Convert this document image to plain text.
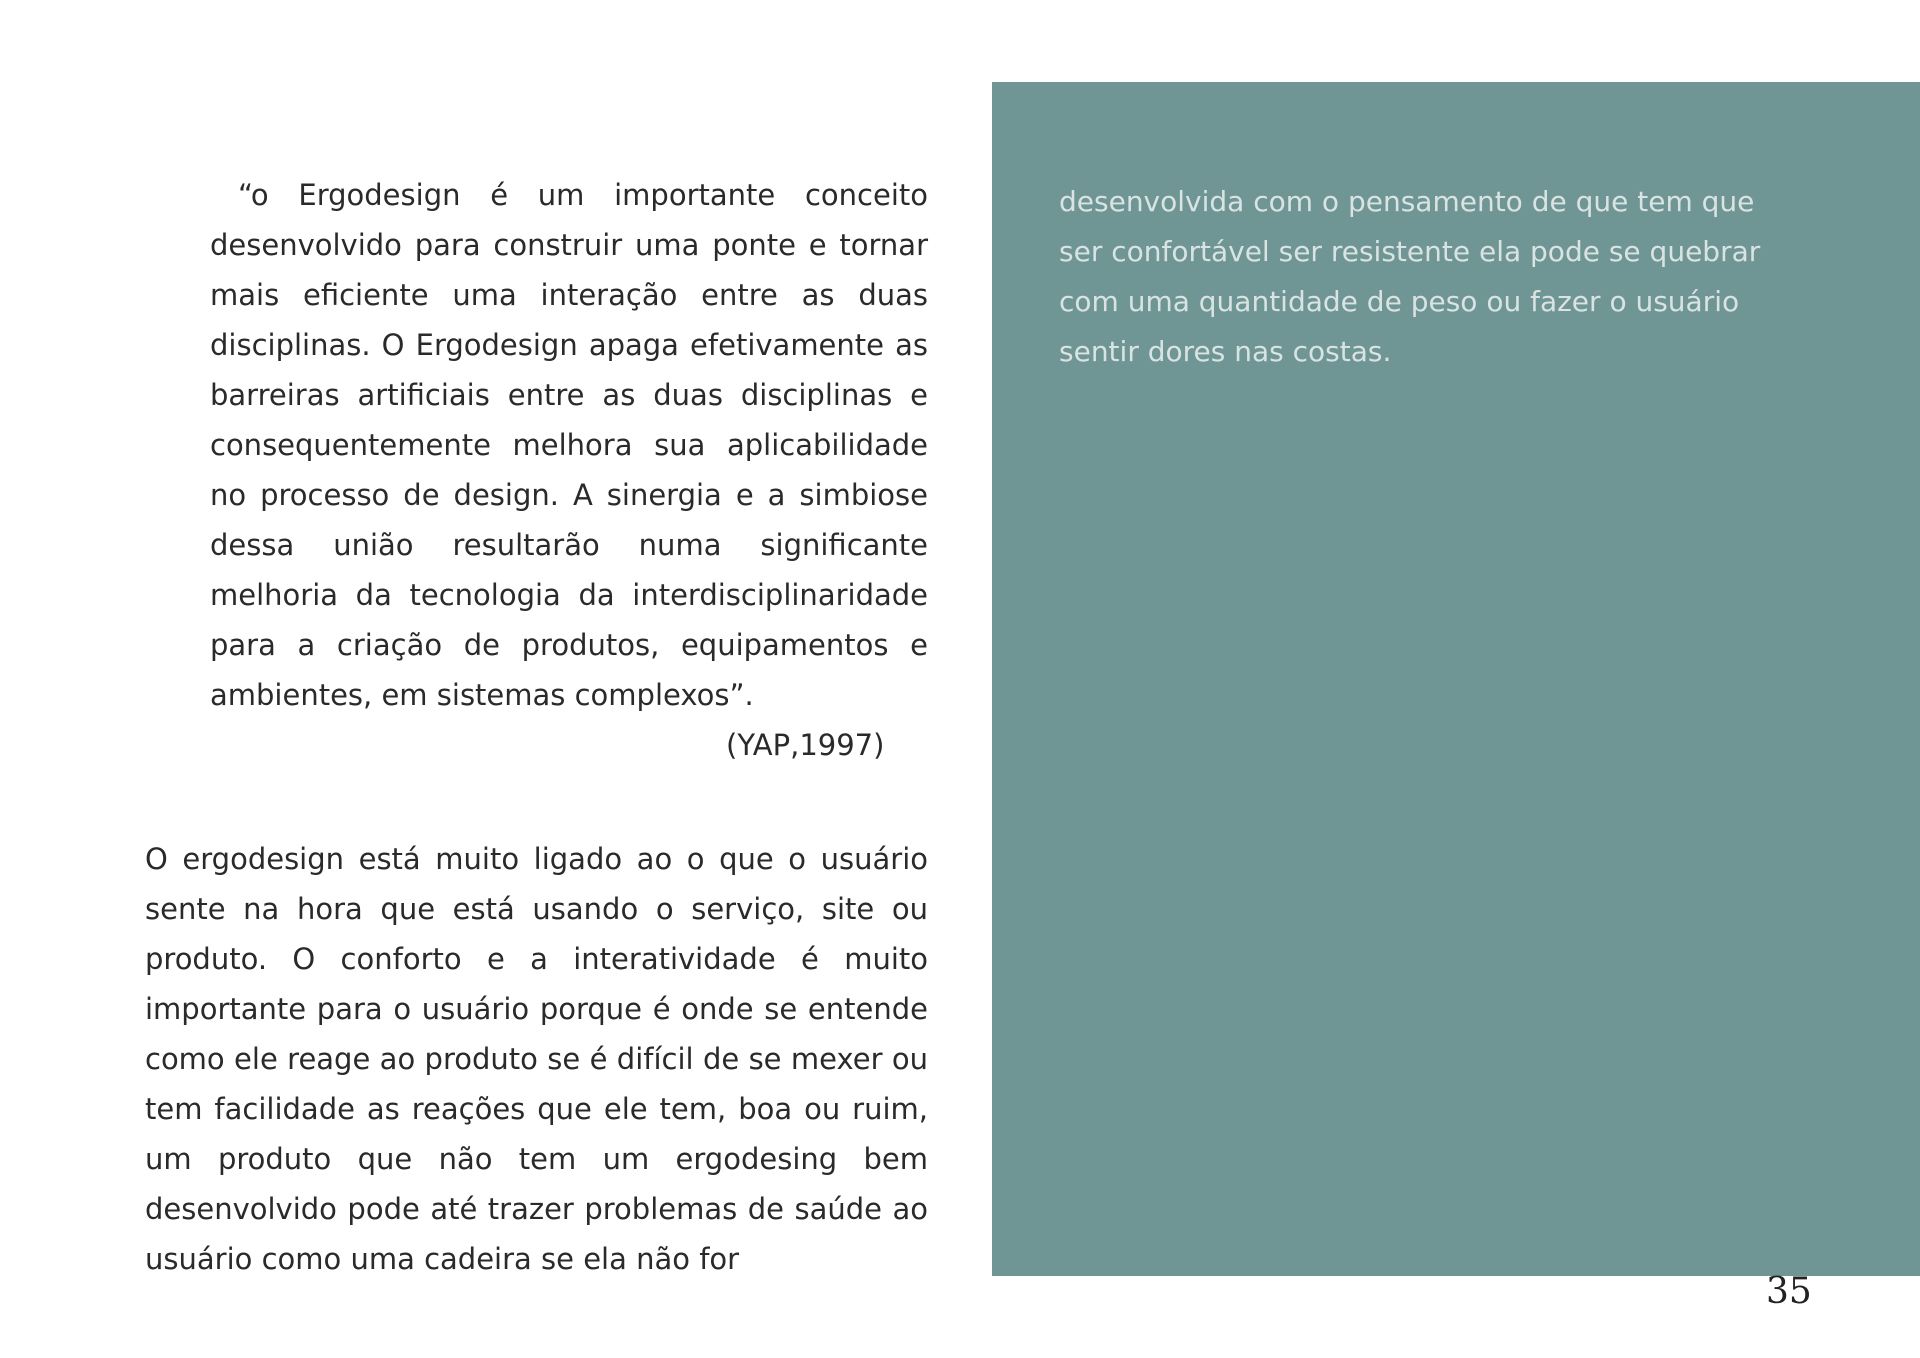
“o Ergodesign é um importante conceito desenvolvido para construir uma ponte e tornar mais eficiente uma interação entre as duas disciplinas. O Ergodesign apaga efetivamente as barreiras artificiais entre as duas disciplinas e consequentemente melhora sua aplicabilidade no processo de design. A sinergia e a simbiose dessa união resultarão numa significante melhoria da tecnologia da interdisciplinaridade para a criação de produtos, equipamentos e ambientes, em sistemas complexos”.

(YAP,1997)

O ergodesign está muito ligado ao o que o usuário sente na hora que está usando o serviço, site ou produto. O conforto e a interatividade é muito importante para o usuário porque é onde se entende como ele reage ao produto se é difícil de se mexer ou tem facilidade as reações que ele tem, boa ou ruim, um produto que não tem um ergodesing bem desenvolvido pode até trazer problemas de saúde ao usuário como uma cadeira se ela não for

desenvolvida com o pensamento de que tem que ser confortável ser resistente ela pode se quebrar com uma quantidade de peso ou fazer o usuário sentir dores nas costas.

35
